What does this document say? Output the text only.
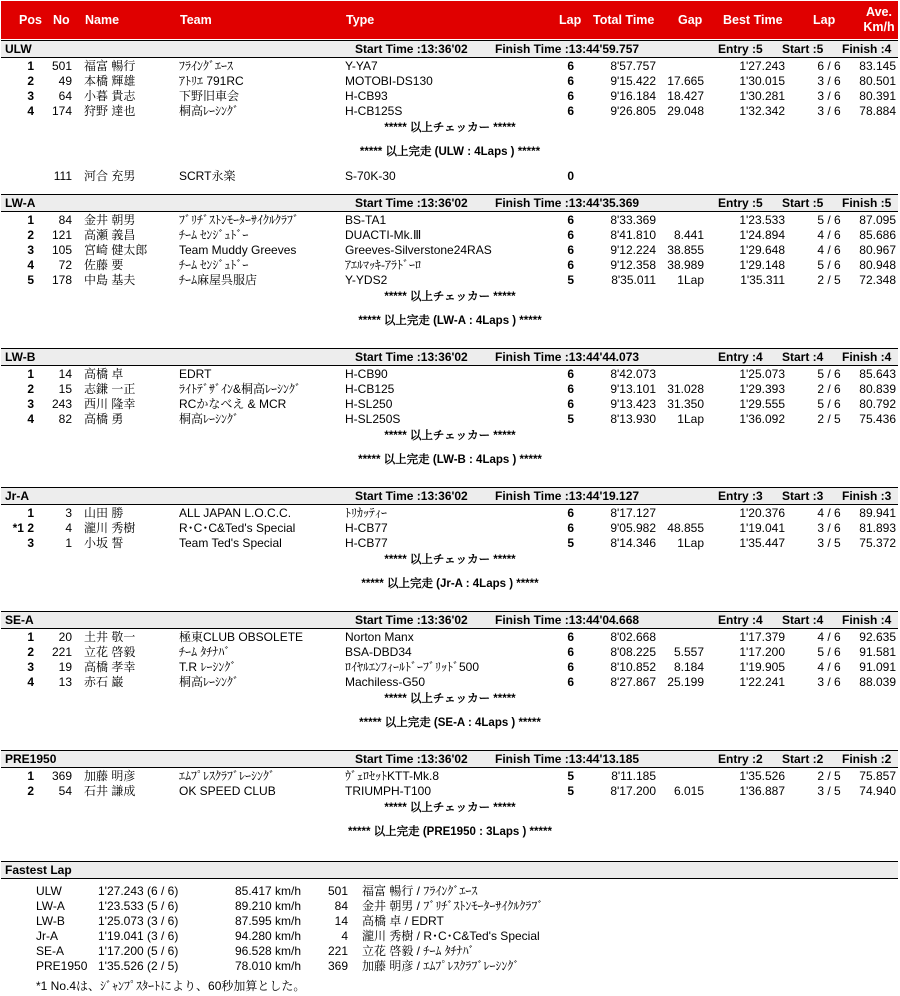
Pos No Name	Team	Type	Lap Total Time Gap Best Time Lap
Ave.
Km/h
ULW	Start Time :13:36'02 Finish Time :13:44'59.757	Entry :5 Start :5 Finish :4
1	501 福富 暢行	ﾌﾗｲﾝｸﾞｴｰｽ	Y-YA7	6	8'57.757	1'27.243	6 / 6	83.145
2	49 本橋 輝雄	ｱﾄﾘｴ 791RC	MOTOBI-DS130	6	9'15.422 17.665	1'30.015	3 / 6	80.501
3	64 小暮 貴志	下野旧車会	H-CB93	6	9'16.184 18.427	1'30.281	3 / 6	80.391
4	174 狩野 達也	桐高ﾚｰｼﾝｸﾞ	H-CB125S	6	9'26.805 29.048	1'32.342	3 / 6	78.884
***** 以上チェッカー *****
***** 以上完走 (ULW : 4Laps ) *****
111 河合 充男	SCRT永楽	S-70K-30	0
LW-A	Start Time :13:36'02 Finish Time :13:44'35.369	Entry :5 Start :5 Finish :5
1	84 金井 朝男	ﾌﾞﾘﾁﾞｽﾄﾝﾓｰﾀｰｻｲｸﾙｸﾗﾌﾞ	BS-TA1	6	8'33.369	1'23.533	5 / 6	87.095
2	121 高瀬 義昌	ﾁｰﾑ ｾﾝｼﾞｭﾄﾞｰ	DUACTI-Mk.Ⅲ	6	8'41.810	8.441	1'24.894	4 / 6	85.686
3	105 宮崎 健太郎	Team Muddy Greeves	Greeves-Silverstone24RAS	6	9'12.224 38.855	1'29.648	4 / 6	80.967
4	72 佐藤 要	ﾁｰﾑ ｾﾝｼﾞｭﾄﾞｰ	ｱｴﾙﾏｯｷ-ｱﾗﾄﾞｰﾛ	6	9'12.358 38.989	1'29.148	5 / 6	80.948
5	178 中島 基夫	ﾁｰﾑ麻屋呉服店	Y-YDS2	5	8'35.011	1Lap	1'35.311	2 / 5	72.348
***** 以上チェッカー *****
***** 以上完走 (LW-A : 4Laps ) *****
LW-B	Start Time :13:36'02 Finish Time :13:44'44.073	Entry :4 Start :4 Finish :4
1	14 高橋 卓	EDRT	H-CB90	6	8'42.073	1'25.073	5 / 6	85.643
2	15 志鎌 一正	ﾗｲﾄﾃﾞｻﾞｲﾝ&桐高ﾚｰｼﾝｸﾞ	H-CB125	6	9'13.101 31.028	1'29.393	2 / 6	80.839
3	243 西川 隆幸	RCかなべえ & MCR	H-SL250	6	9'13.423 31.350	1'29.555	5 / 6	80.792
4	82 高橋 勇	桐高ﾚｰｼﾝｸﾞ	H-SL250S	5	8'13.930	1Lap	1'36.092	2 / 5	75.436
***** 以上チェッカー *****
***** 以上完走 (LW-B : 4Laps ) *****
Jr-A	Start Time :13:36'02 Finish Time :13:44'19.127	Entry :3 Start :3 Finish :3
1	3 山田 勝	ALL JAPAN L.O.C.C.	ﾄﾘｶｯﾃｨｰ	6	8'17.127	1'20.376	4 / 6	89.941
*1 2	4 瀧川 秀樹	R･C･C&Ted's Special	H-CB77	6	9'05.982 48.855	1'19.041	3 / 6	81.893
3	1 小坂 誓	Team Ted's Special	H-CB77	5	8'14.346	1Lap	1'35.447	3 / 5	75.372
***** 以上チェッカー *****
***** 以上完走 (Jr-A : 4Laps ) *****
SE-A	Start Time :13:36'02 Finish Time :13:44'04.668	Entry :4 Start :4 Finish :4
1	20 土井 敬一	極東CLUB OBSOLETE	Norton Manx	6	8'02.668	1'17.379	4 / 6	92.635
2	221 立花 啓毅	ﾁｰﾑ ﾀﾁﾅﾊﾞ	BSA-DBD34	6	8'08.225	5.557	1'17.200	5 / 6	91.581
3	19 高橋 孝幸	T.R ﾚｰｼﾝｸﾞ	ﾛｲﾔﾙｴﾝﾌｨｰﾙﾄﾞｰﾌﾞﾘｯﾄﾞ500	6	8'10.852	8.184	1'19.905	4 / 6	91.091
4	13 赤石 巌	桐高ﾚｰｼﾝｸﾞ	Machiless-G50	6	8'27.867 25.199	1'22.241	3 / 6	88.039
***** 以上チェッカー *****
***** 以上完走 (SE-A : 4Laps ) *****
PRE1950	Start Time :13:36'02 Finish Time :13:44'13.185	Entry :2 Start :2 Finish :2
1	369 加藤 明彦	ｴﾑﾌﾟﾚｽｸﾗﾌﾞﾚｰｼﾝｸﾞ	ｳﾞｪﾛｾｯﾄKTT-Mk.8	5	8'11.185	1'35.526	2 / 5	75.857
2	54 石井 謙成	OK SPEED CLUB	TRIUMPH-T100	5	8'17.200	6.015	1'36.887	3 / 5	74.940
***** 以上チェッカー *****
***** 以上完走 (PRE1950 : 3Laps ) *****
Fastest Lap
ULW	1'27.243 (6 / 6)	85.417 km/h	501 福富 暢行 / ﾌﾗｲﾝｸﾞｴｰｽ
LW-A	1'23.533 (5 / 6)	89.210 km/h	84 金井 朝男 / ﾌﾞﾘﾁﾞｽﾄﾝﾓｰﾀｰｻｲｸﾙｸﾗﾌﾞ
LW-B	1'25.073 (3 / 6)	87.595 km/h	14 高橋 卓 / EDRT
Jr-A	1'19.041 (3 / 6)	94.280 km/h	4 瀧川 秀樹 / R･C･C&Ted's Special
SE-A	1'17.200 (5 / 6)	96.528 km/h	221 立花 啓毅 / ﾁｰﾑ ﾀﾁﾅﾊﾞ
PRE1950 1'35.526 (2 / 5)	78.010 km/h	369 加藤 明彦 / ｴﾑﾌﾟﾚｽｸﾗﾌﾞﾚｰｼﾝｸﾞ
*1 No.4は、ｼﾞｬﾝﾌﾟｽﾀｰﾄにより、60秒加算とした。
